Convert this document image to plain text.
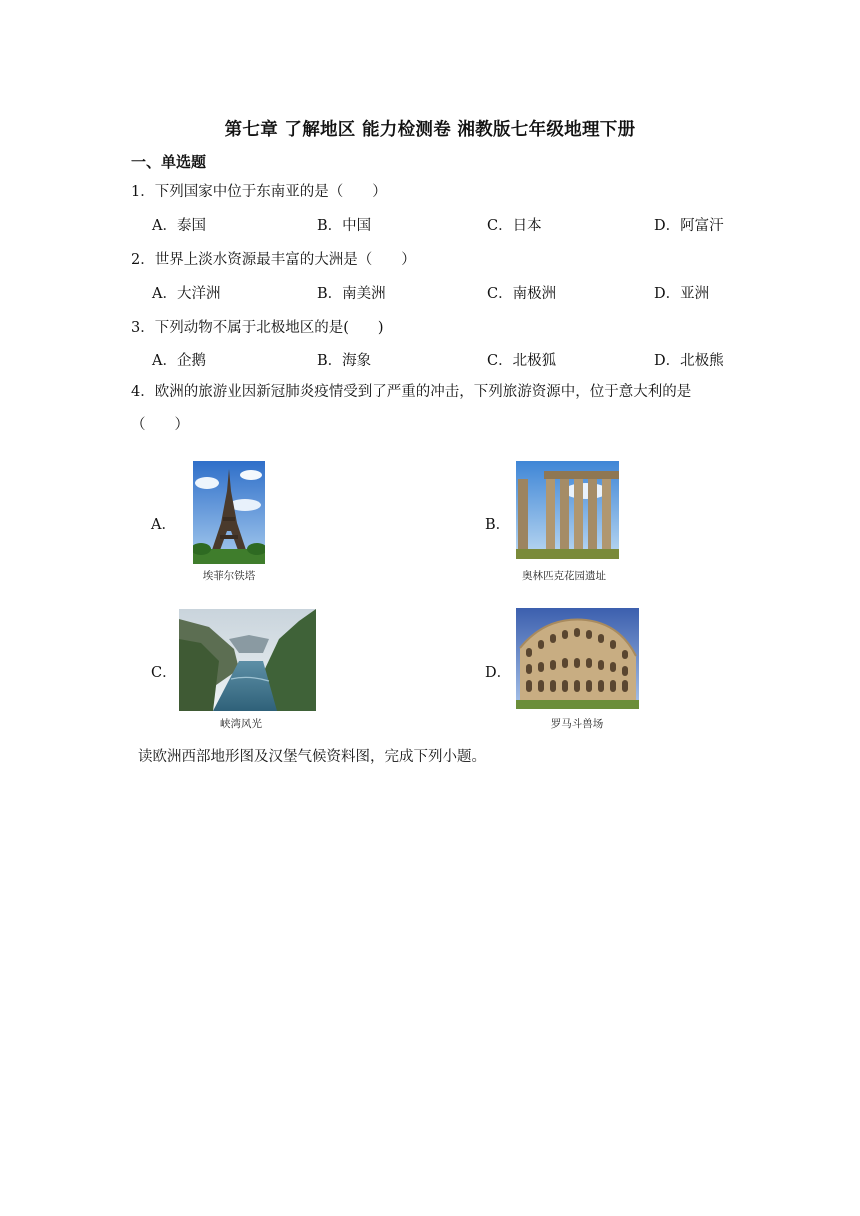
第七章 了解地区 能力检测卷 湘教版七年级地理下册
一、单选题
1．下列国家中位于东南亚的是（　　）
A．泰国	B．中国	C．日本	D．阿富汗
2．世界上淡水资源最丰富的大洲是（　　）
A．大洋洲	B．南美洲	C．南极洲	D．亚洲
3．下列动物不属于北极地区的是(　　)
A．企鹅	B．海象	C．北极狐	D．北极熊
4．欧洲的旅游业因新冠肺炎疫情受到了严重的冲击，下列旅游资源中，位于意大利的是（　　）
A．
埃菲尔铁塔
B．
奥林匹克花园遗址
C．
峡湾风光
D．
罗马斗兽场
读欧洲西部地形图及汉堡气候资料图，完成下列小题。
